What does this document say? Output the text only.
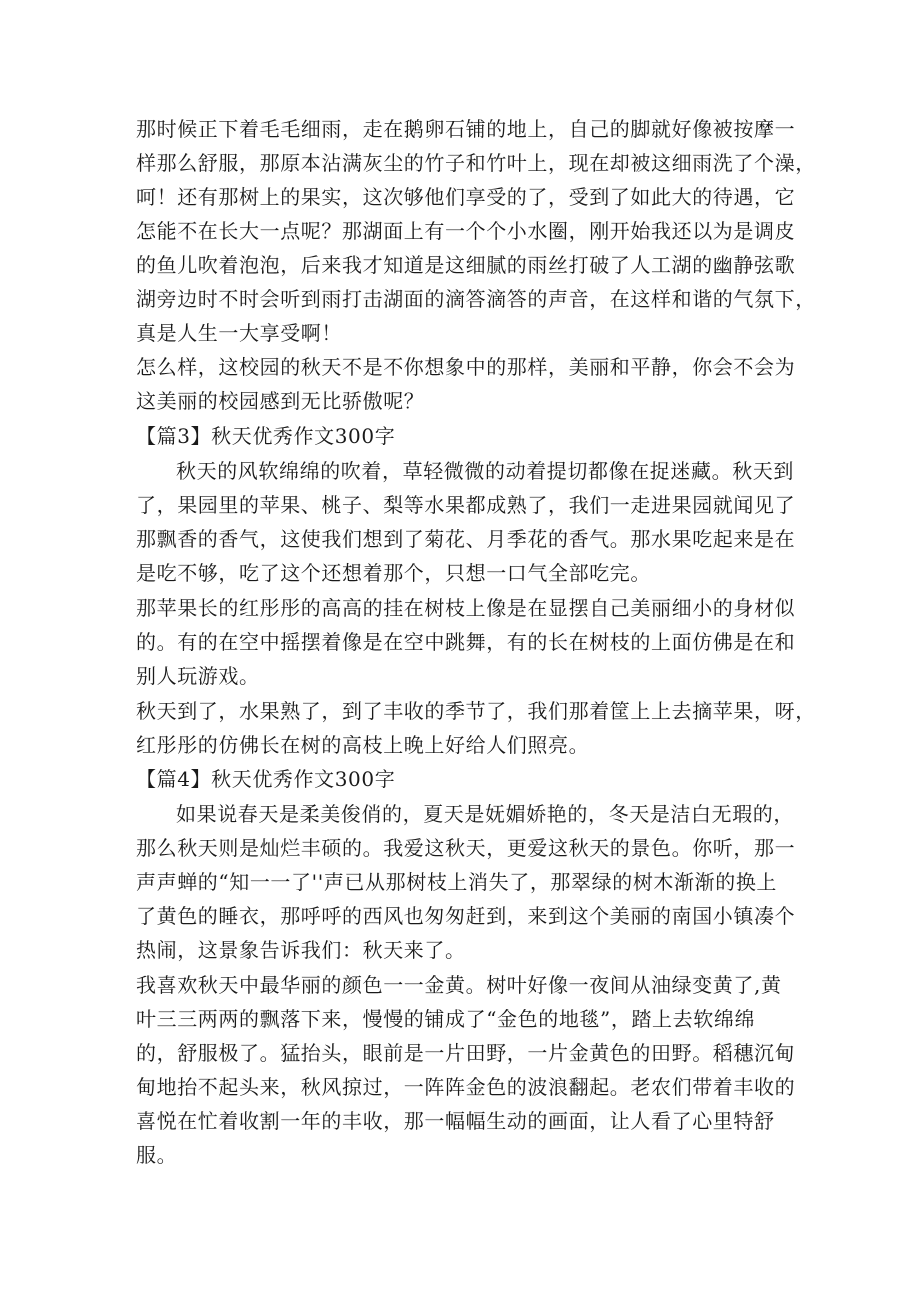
那时候正下着毛毛细雨，走在鹅卵石铺的地上，自己的脚就好像被按摩一
样那么舒服，那原本沾满灰尘的竹子和竹叶上，现在却被这细雨洗了个澡，
呵！还有那树上的果实，这次够他们享受的了，受到了如此大的待遇，它
怎能不在长大一点呢？那湖面上有一个个小水圈，刚开始我还以为是调皮
的鱼儿吹着泡泡，后来我才知道是这细腻的雨丝打破了人工湖的幽静弦歌
湖旁边时不时会听到雨打击湖面的滴答滴答的声音，在这样和谐的气氛下，
真是人生一大享受啊！
怎么样，这校园的秋天不是不你想象中的那样，美丽和平静，你会不会为
这美丽的校园感到无比骄傲呢？
【篇3】秋天优秀作文300字
秋天的风软绵绵的吹着，草轻微微的动着提切都像在捉迷藏。秋天到
了，果园里的苹果、桃子、梨等水果都成熟了，我们一走进果园就闻见了
那飘香的香气，这使我们想到了菊花、月季花的香气。那水果吃起来是在
是吃不够，吃了这个还想着那个，只想一口气全部吃完。
那苹果长的红彤彤的高高的挂在树枝上像是在显摆自己美丽细小的身材似
的。有的在空中摇摆着像是在空中跳舞，有的长在树枝的上面仿佛是在和
别人玩游戏。
秋天到了，水果熟了，到了丰收的季节了，我们那着筐上上去摘苹果，呀，
红彤彤的仿佛长在树的高枝上晚上好给人们照亮。
【篇4】秋天优秀作文300字
如果说春天是柔美俊俏的，夏天是妩媚娇艳的，冬天是洁白无瑕的，
那么秋天则是灿烂丰硕的。我爱这秋天，更爱这秋天的景色。你听，那一
声声蝉的“知一一了''声已从那树枝上消失了，那翠绿的树木渐渐的换上
了黄色的睡衣，那呼呼的西风也匆匆赶到，来到这个美丽的南国小镇凑个
热闹，这景象告诉我们：秋天来了。
我喜欢秋天中最华丽的颜色一一金黄。树叶好像一夜间从油绿变黄了,黄
叶三三两两的飘落下来，慢慢的铺成了“金色的地毯”，踏上去软绵绵
的，舒服极了。猛抬头，眼前是一片田野，一片金黄色的田野。稻穗沉甸
甸地抬不起头来，秋风掠过，一阵阵金色的波浪翻起。老农们带着丰收的
喜悦在忙着收割一年的丰收，那一幅幅生动的画面，让人看了心里特舒
服。
